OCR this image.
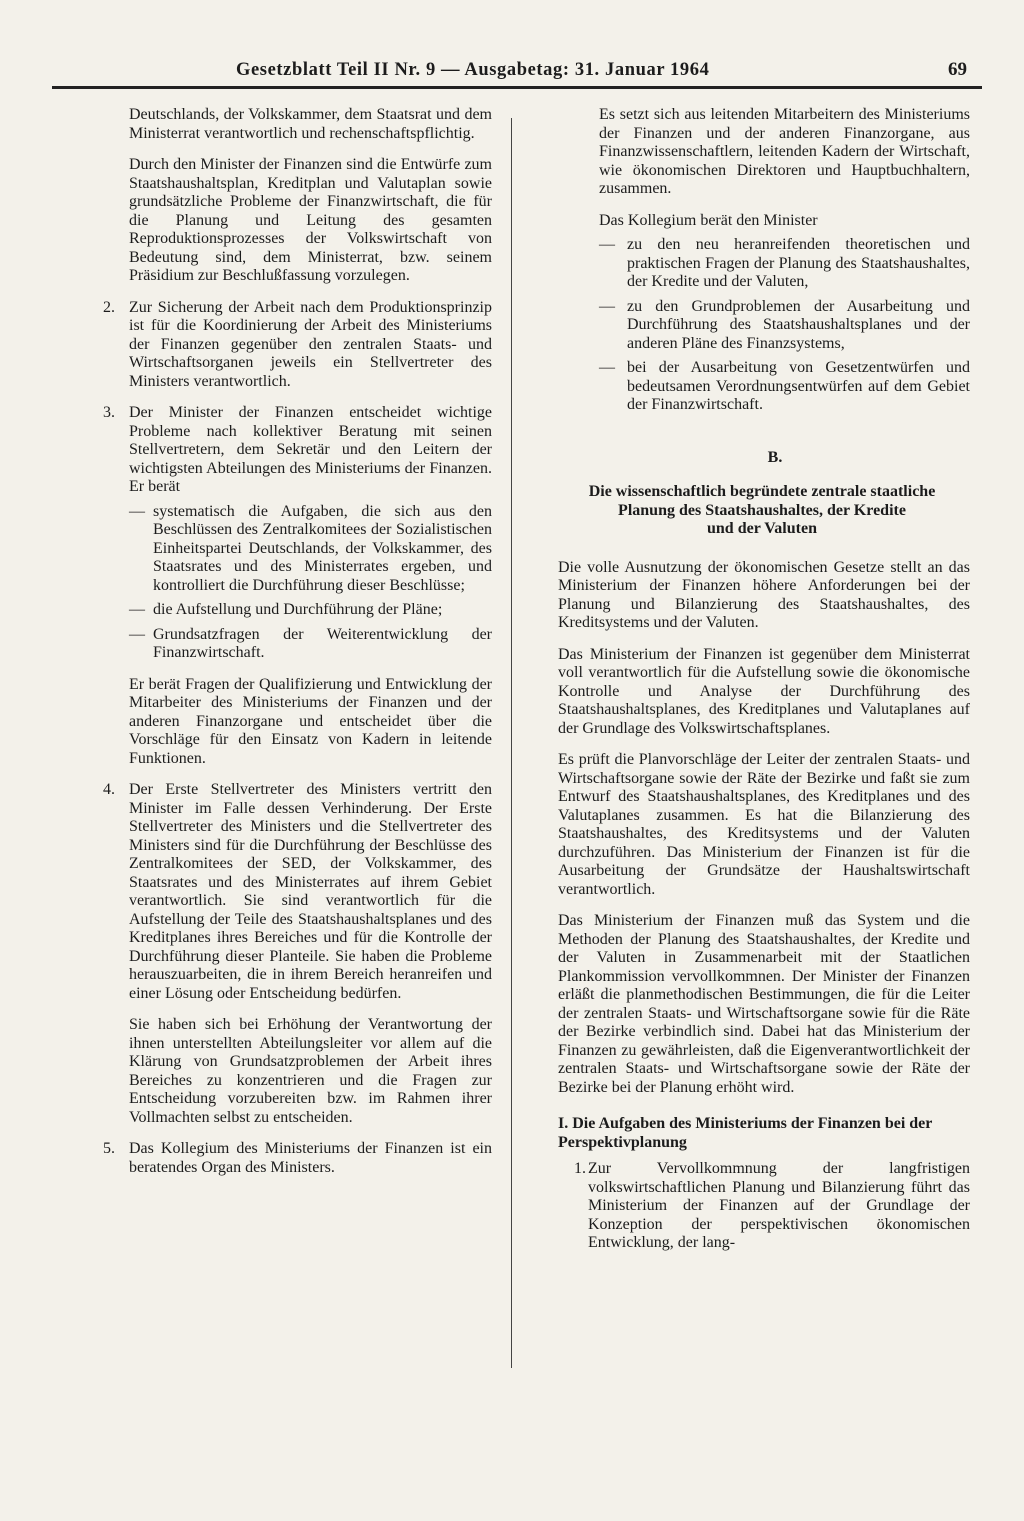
Gesetzblatt Teil II Nr. 9 — Ausgabetag: 31. Januar 1964	69

Deutschlands, der Volkskammer, dem Staatsrat und dem Ministerrat verantwortlich und rechenschaftspflichtig.

Durch den Minister der Finanzen sind die Entwürfe zum Staatshaushaltsplan, Kreditplan und Valutaplan sowie grundsätzliche Probleme der Finanzwirtschaft, die für die Planung und Leitung des gesamten Reproduktionsprozesses der Volkswirtschaft von Bedeutung sind, dem Ministerrat, bzw. seinem Präsidium zur Beschlußfassung vorzulegen.

2. Zur Sicherung der Arbeit nach dem Produktionsprinzip ist für die Koordinierung der Arbeit des Ministeriums der Finanzen gegenüber den zentralen Staats- und Wirtschaftsorganen jeweils ein Stellvertreter des Ministers verantwortlich.

3. Der Minister der Finanzen entscheidet wichtige Probleme nach kollektiver Beratung mit seinen Stellvertretern, dem Sekretär und den Leitern der wichtigsten Abteilungen des Ministeriums der Finanzen. Er berät

— systematisch die Aufgaben, die sich aus den Beschlüssen des Zentralkomitees der Sozialistischen Einheitspartei Deutschlands, der Volkskammer, des Staatsrates und des Ministerrates ergeben, und kontrolliert die Durchführung dieser Beschlüsse;

— die Aufstellung und Durchführung der Pläne;

— Grundsatzfragen der Weiterentwicklung der Finanzwirtschaft.

Er berät Fragen der Qualifizierung und Entwicklung der Mitarbeiter des Ministeriums der Finanzen und der anderen Finanzorgane und entscheidet über die Vorschläge für den Einsatz von Kadern in leitende Funktionen.

4. Der Erste Stellvertreter des Ministers vertritt den Minister im Falle dessen Verhinderung. Der Erste Stellvertreter des Ministers und die Stellvertreter des Ministers sind für die Durchführung der Beschlüsse des Zentralkomitees der SED, der Volkskammer, des Staatsrates und des Ministerrates auf ihrem Gebiet verantwortlich. Sie sind verantwortlich für die Aufstellung der Teile des Staatshaushaltsplanes und des Kreditplanes ihres Bereiches und für die Kontrolle der Durchführung dieser Planteile. Sie haben die Probleme herauszuarbeiten, die in ihrem Bereich heranreifen und einer Lösung oder Entscheidung bedürfen.

Sie haben sich bei Erhöhung der Verantwortung der ihnen unterstellten Abteilungsleiter vor allem auf die Klärung von Grundsatzproblemen der Arbeit ihres Bereiches zu konzentrieren und die Fragen zur Entscheidung vorzubereiten bzw. im Rahmen ihrer Vollmachten selbst zu entscheiden.

5. Das Kollegium des Ministeriums der Finanzen ist ein beratendes Organ des Ministers.

Es setzt sich aus leitenden Mitarbeitern des Ministeriums der Finanzen und der anderen Finanzorgane, aus Finanzwissenschaftlern, leitenden Kadern der Wirtschaft, wie ökonomischen Direktoren und Hauptbuchhaltern, zusammen.

Das Kollegium berät den Minister

— zu den neu heranreifenden theoretischen und praktischen Fragen der Planung des Staatshaushaltes, der Kredite und der Valuten,

— zu den Grundproblemen der Ausarbeitung und Durchführung des Staatshaushaltsplanes und der anderen Pläne des Finanzsystems,

— bei der Ausarbeitung von Gesetzentwürfen und bedeutsamen Verordnungsentwürfen auf dem Gebiet der Finanzwirtschaft.

B.
Die wissenschaftlich begründete zentrale staatliche
Planung des Staatshaushaltes, der Kredite
und der Valuten

Die volle Ausnutzung der ökonomischen Gesetze stellt an das Ministerium der Finanzen höhere Anforderungen bei der Planung und Bilanzierung des Staatshaushaltes, des Kreditsystems und der Valuten.

Das Ministerium der Finanzen ist gegenüber dem Ministerrat voll verantwortlich für die Aufstellung sowie die ökonomische Kontrolle und Analyse der Durchführung des Staatshaushaltsplanes, des Kreditplanes und Valutaplanes auf der Grundlage des Volkswirtschaftsplanes.

Es prüft die Planvorschläge der Leiter der zentralen Staats- und Wirtschaftsorgane sowie der Räte der Bezirke und faßt sie zum Entwurf des Staatshaushaltsplanes, des Kreditplanes und des Valutaplanes zusammen. Es hat die Bilanzierung des Staatshaushaltes, des Kreditsystems und der Valuten durchzuführen. Das Ministerium der Finanzen ist für die Ausarbeitung der Grundsätze der Haushaltswirtschaft verantwortlich.

Das Ministerium der Finanzen muß das System und die Methoden der Planung des Staatshaushaltes, der Kredite und der Valuten in Zusammenarbeit mit der Staatlichen Plankommission vervollkommnen. Der Minister der Finanzen erläßt die planmethodischen Bestimmungen, die für die Leiter der zentralen Staats- und Wirtschaftsorgane sowie für die Räte der Bezirke verbindlich sind. Dabei hat das Ministerium der Finanzen zu gewährleisten, daß die Eigenverantwortlichkeit der zentralen Staats- und Wirtschaftsorgane sowie der Räte der Bezirke bei der Planung erhöht wird.

I. Die Aufgaben des Ministeriums der Finanzen bei der Perspektivplanung
1. Zur Vervollkommnung der langfristigen volkswirtschaftlichen Planung und Bilanzierung führt das Ministerium der Finanzen auf der Grundlage der Konzeption der perspektivischen ökonomischen Entwicklung, der lang-
